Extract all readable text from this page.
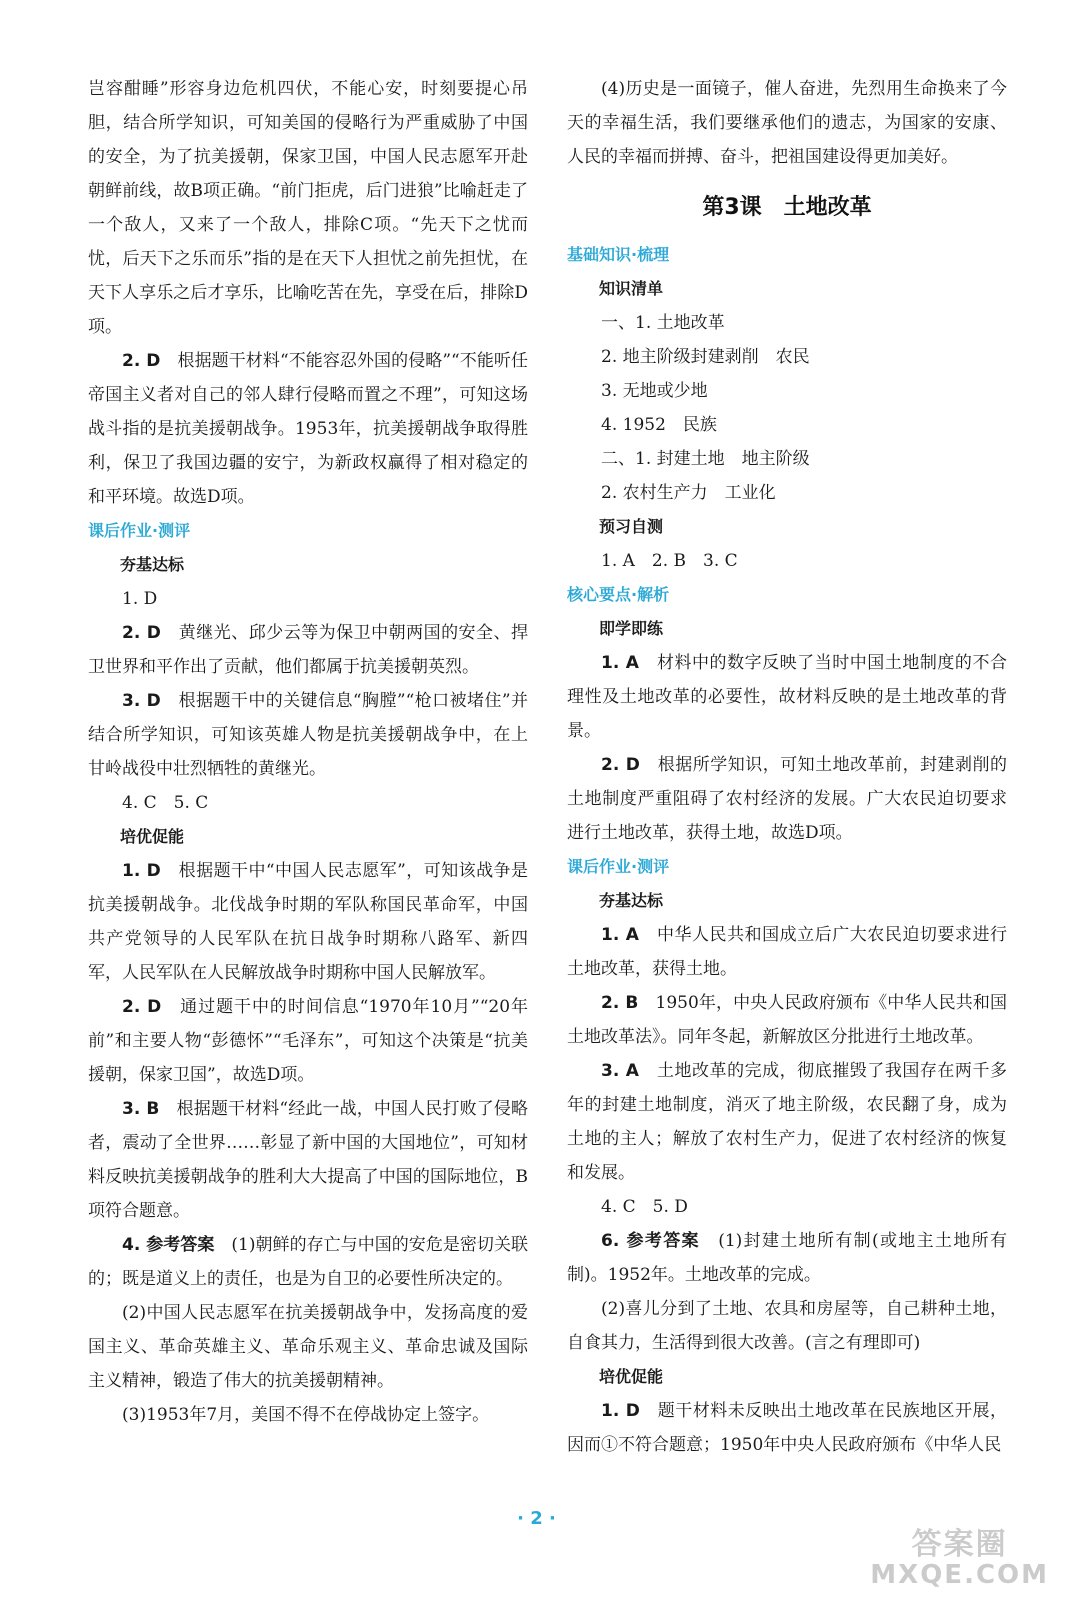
岂容酣睡”形容身边危机四伏，不能心安，时刻要提心吊胆，结合所学知识，可知美国的侵略行为严重威胁了中国的安全，为了抗美援朝，保家卫国，中国人民志愿军开赴朝鲜前线，故B项正确。“前门拒虎，后门进狼”比喻赶走了一个敌人，又来了一个敌人，排除C项。“先天下之忧而忧，后天下之乐而乐”指的是在天下人担忧之前先担忧，在天下人享乐之后才享乐，比喻吃苦在先，享受在后，排除D项。

2. D　 根据题干材料“不能容忍外国的侵略”“不能听任帝国主义者对自己的邻人肆行侵略而置之不理”，可知这场战斗指的是抗美援朝战争。1953年，抗美援朝战争取得胜利，保卫了我国边疆的安宁，为新政权赢得了相对稳定的和平环境。故选D项。

课后作业·测评

夯基达标

1. D

2. D　 黄继光、邱少云等为保卫中朝两国的安全、捍卫世界和平作出了贡献，他们都属于抗美援朝英烈。

3. D　 根据题干中的关键信息“胸膛”“枪口被堵住”并结合所学知识，可知该英雄人物是抗美援朝战争中，在上甘岭战役中壮烈牺牲的黄继光。

4. C　5. C

培优促能

1. D　 根据题干中“中国人民志愿军”，可知该战争是抗美援朝战争。北伐战争时期的军队称国民革命军，中国共产党领导的人民军队在抗日战争时期称八路军、新四军，人民军队在人民解放战争时期称中国人民解放军。

2. D　 通过题干中的时间信息“1970年10月”“20年前”和主要人物“彭德怀”“毛泽东”，可知这个决策是“抗美援朝，保家卫国”，故选D项。

3. B　 根据题干材料“经此一战，中国人民打败了侵略者，震动了全世界……彰显了新中国的大国地位”，可知材料反映抗美援朝战争的胜利大大提高了中国的国际地位，B项符合题意。

4. 参考答案　 (1)朝鲜的存亡与中国的安危是密切关联的；既是道义上的责任，也是为自卫的必要性所决定的。

(2)中国人民志愿军在抗美援朝战争中，发扬高度的爱国主义、革命英雄主义、革命乐观主义、革命忠诚及国际主义精神，锻造了伟大的抗美援朝精神。

(3)1953年7月，美国不得不在停战协定上签字。

(4)历史是一面镜子，催人奋进，先烈用生命换来了今天的幸福生活，我们要继承他们的遗志，为国家的安康、人民的幸福而拼搏、奋斗，把祖国建设得更加美好。

第3课　土地改革

基础知识·梳理

知识清单

一、1. 土地改革

2. 地主阶级封建剥削　农民

3. 无地或少地

4. 1952　民族

二、1. 封建土地　地主阶级

2. 农村生产力　工业化

预习自测

1. A　2. B　3. C

核心要点·解析

即学即练

1. A　 材料中的数字反映了当时中国土地制度的不合理性及土地改革的必要性，故材料反映的是土地改革的背景。

2. D　 根据所学知识，可知土地改革前，封建剥削的土地制度严重阻碍了农村经济的发展。广大农民迫切要求进行土地改革，获得土地，故选D项。

课后作业·测评

夯基达标

1. A　 中华人民共和国成立后广大农民迫切要求进行土地改革，获得土地。

2. B　 1950年，中央人民政府颁布《中华人民共和国土地改革法》。同年冬起，新解放区分批进行土地改革。

3. A　 土地改革的完成，彻底摧毁了我国存在两千多年的封建土地制度，消灭了地主阶级，农民翻了身，成为土地的主人；解放了农村生产力，促进了农村经济的恢复和发展。

4. C　5. D

6. 参考答案　 (1)封建土地所有制(或地主土地所有制)。1952年。土地改革的完成。

(2)喜儿分到了土地、农具和房屋等，自己耕种土地，自食其力，生活得到很大改善。(言之有理即可)

培优促能

1. D　 题干材料未反映出土地改革在民族地区开展，因而①不符合题意；1950年中央人民政府颁布《中华人民

· 2 ·
答案圈
MXQE.COM
